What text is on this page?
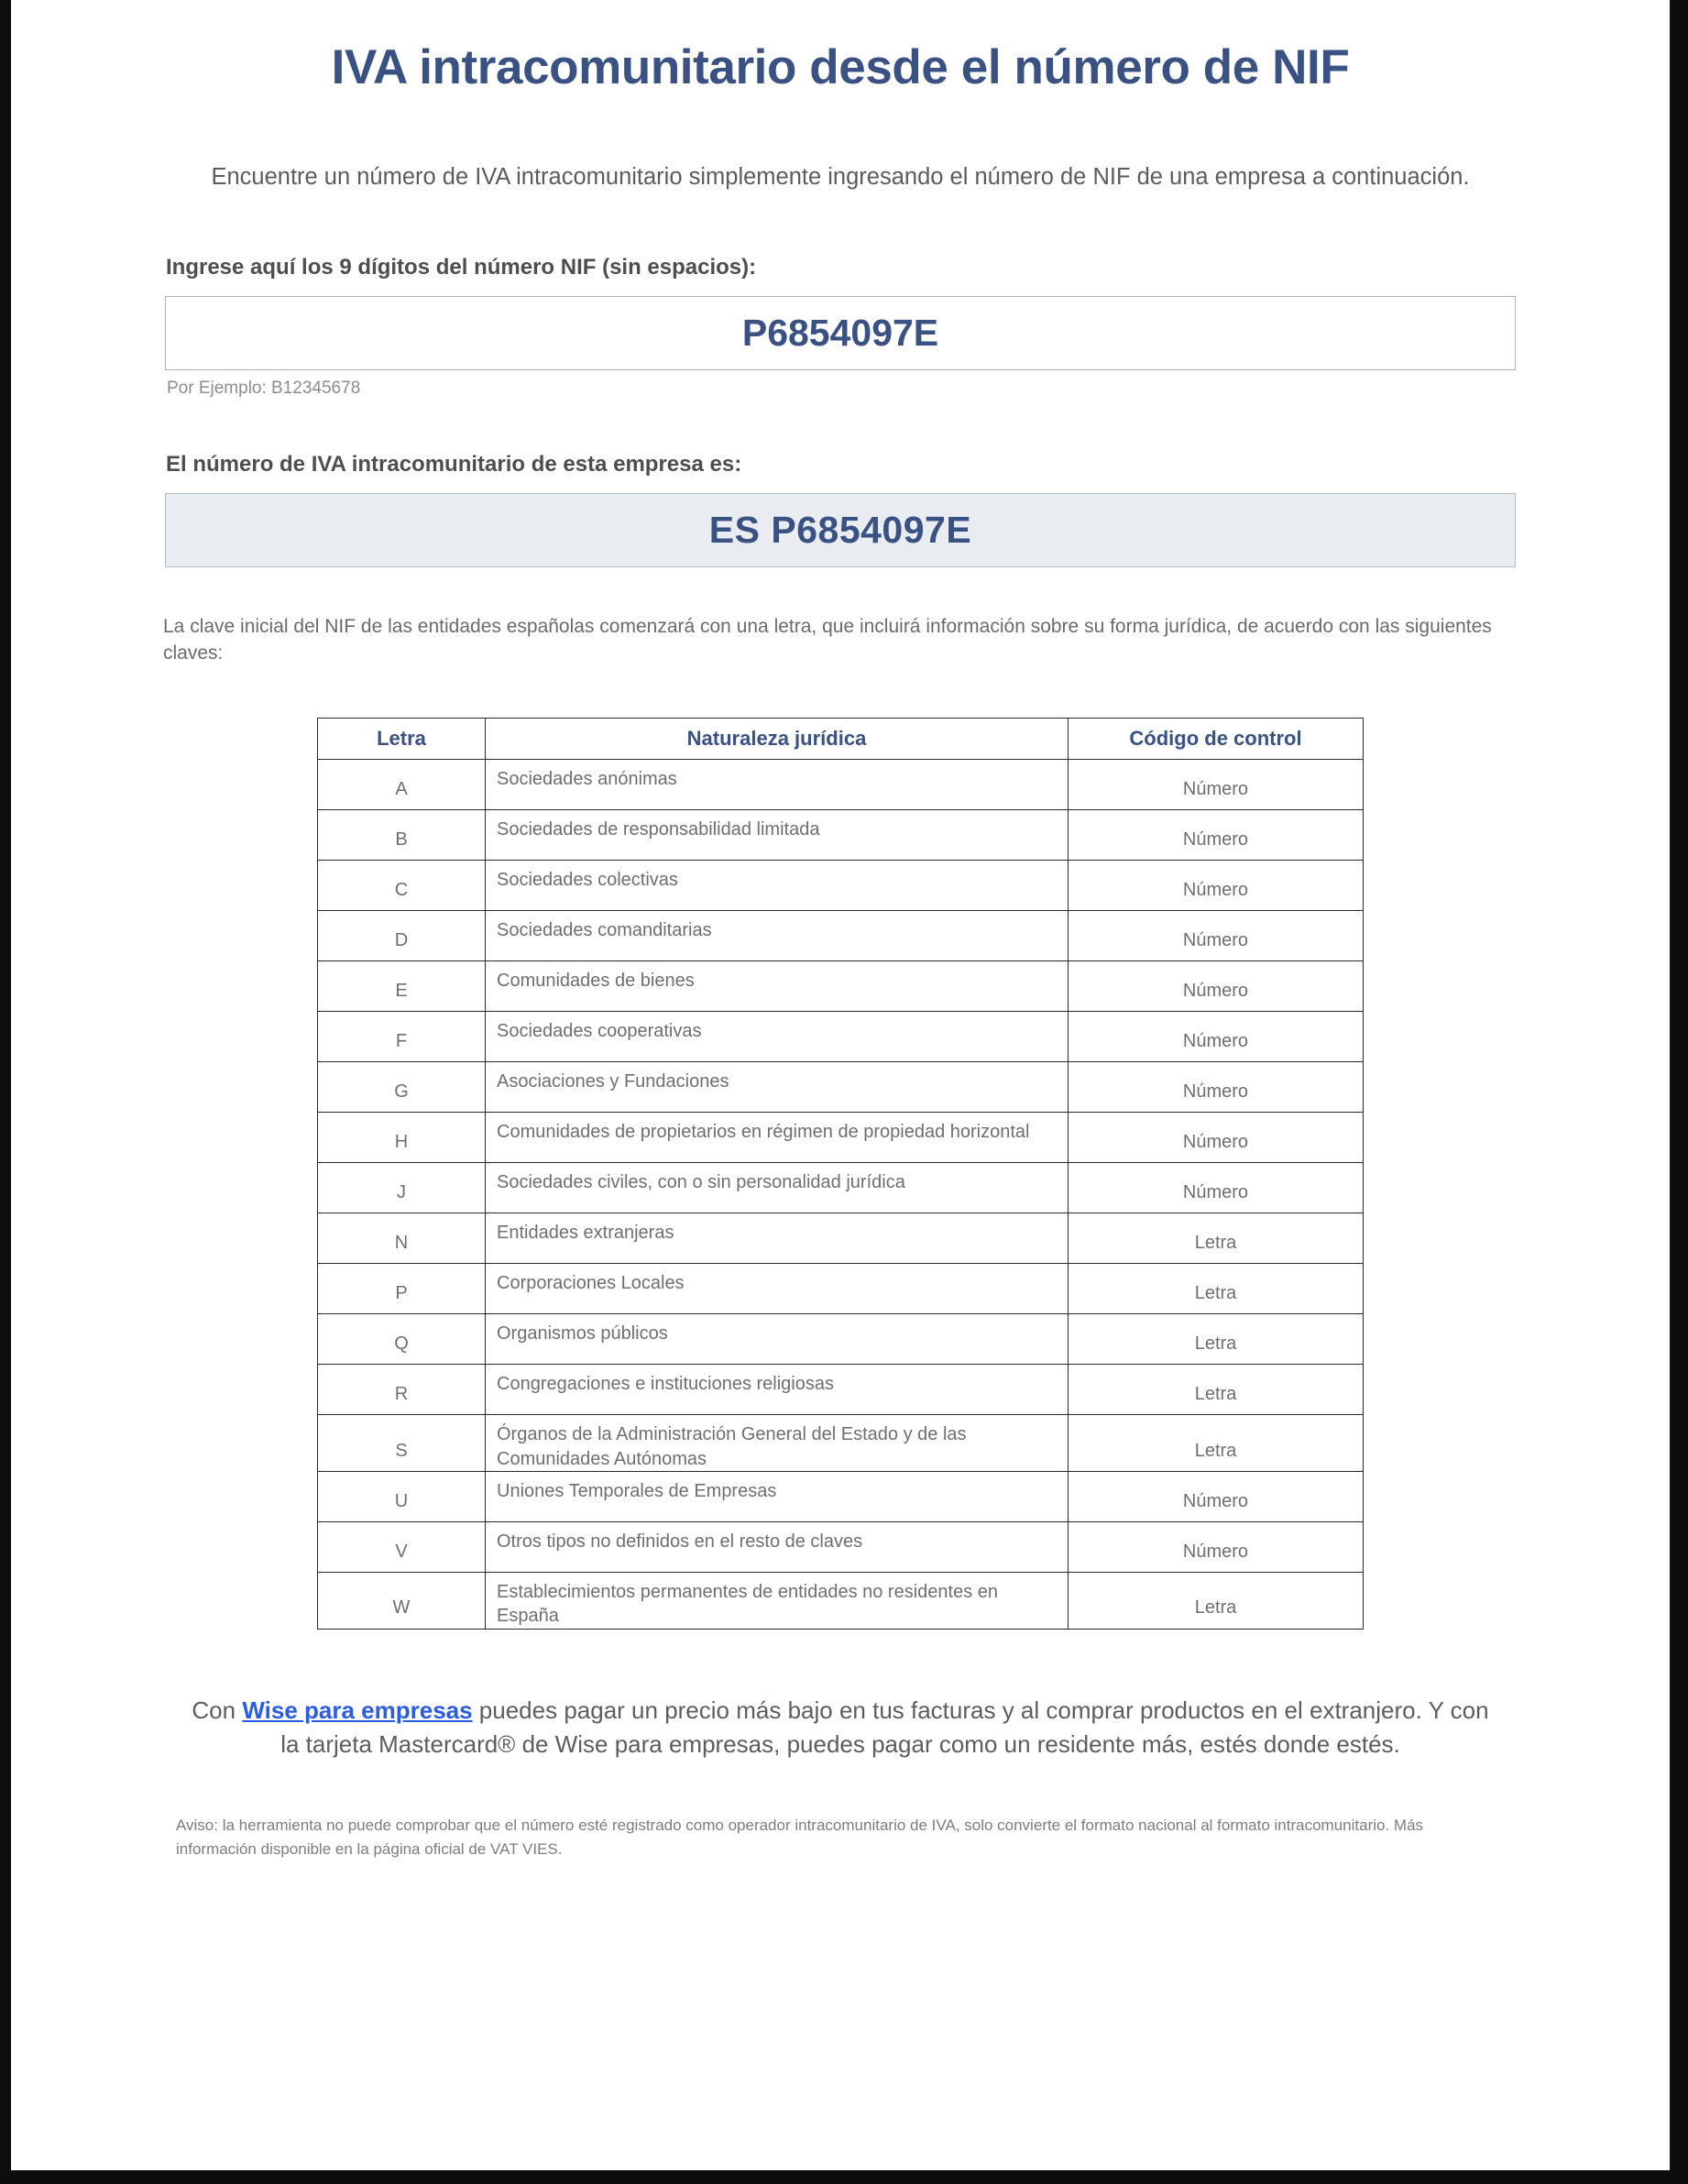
IVA intracomunitario desde el número de NIF

Encuentre un número de IVA intracomunitario simplemente ingresando el número de NIF de una empresa a continuación.

Ingrese aquí los 9 dígitos del número NIF (sin espacios):
P6854097E
Por Ejemplo: B12345678
El número de IVA intracomunitario de esta empresa es:
ES P6854097E

La clave inicial del NIF de las entidades españolas comenzará con una letra, que incluirá información sobre su forma jurídica, de acuerdo con las siguientes claves:

Letra	Naturaleza jurídica	Código de control
A	Sociedades anónimas	Número
B	Sociedades de responsabilidad limitada	Número
C	Sociedades colectivas	Número
D	Sociedades comanditarias	Número
E	Comunidades de bienes	Número
F	Sociedades cooperativas	Número
G	Asociaciones y Fundaciones	Número
H	Comunidades de propietarios en régimen de propiedad horizontal	Número
J	Sociedades civiles, con o sin personalidad jurídica	Número
N	Entidades extranjeras	Letra
P	Corporaciones Locales	Letra
Q	Organismos públicos	Letra
R	Congregaciones e instituciones religiosas	Letra
S	Órganos de la Administración General del Estado y de las Comunidades Autónomas	Letra
U	Uniones Temporales de Empresas	Número
V	Otros tipos no definidos en el resto de claves	Número
W	Establecimientos permanentes de entidades no residentes en España	Letra

Con Wise para empresas puedes pagar un precio más bajo en tus facturas y al comprar productos en el extranjero. Y con la tarjeta Mastercard® de Wise para empresas, puedes pagar como un residente más, estés donde estés.

Aviso: la herramienta no puede comprobar que el número esté registrado como operador intracomunitario de IVA, solo convierte el formato nacional al formato intracomunitario. Más información disponible en la página oficial de VAT VIES.
